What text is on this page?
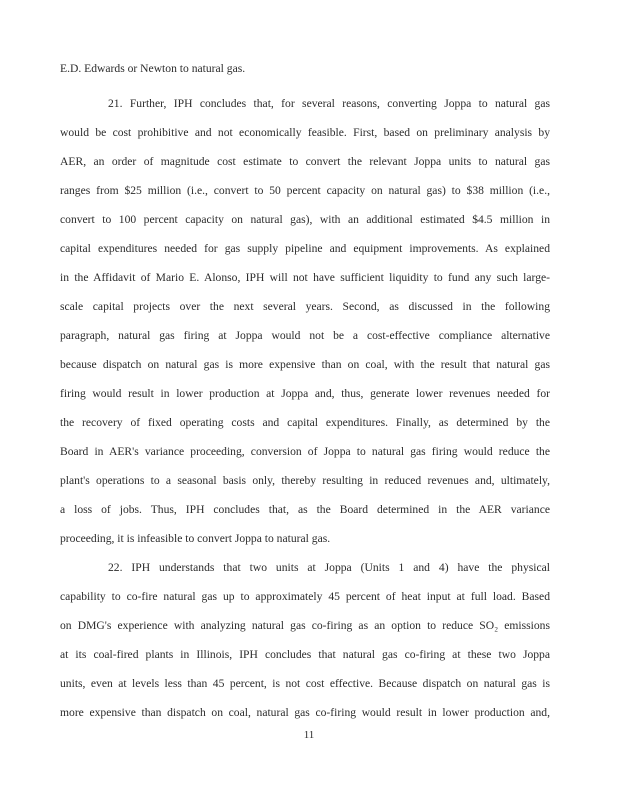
E.D. Edwards or Newton to natural gas.
21. Further, IPH concludes that, for several reasons, converting Joppa to natural gas
would be cost prohibitive and not economically feasible. First, based on preliminary analysis by
AER, an order of magnitude cost estimate to convert the relevant Joppa units to natural gas
ranges from $25 million (i.e., convert to 50 percent capacity on natural gas) to $38 million (i.e.,
convert to 100 percent capacity on natural gas), with an additional estimated $4.5 million in
capital expenditures needed for gas supply pipeline and equipment improvements. As explained
in the Affidavit of Mario E. Alonso, IPH will not have sufficient liquidity to fund any such large-
scale capital projects over the next several years. Second, as discussed in the following
paragraph, natural gas firing at Joppa would not be a cost-effective compliance alternative
because dispatch on natural gas is more expensive than on coal, with the result that natural gas
firing would result in lower production at Joppa and, thus, generate lower revenues needed for
the recovery of fixed operating costs and capital expenditures. Finally, as determined by the
Board in AER's variance proceeding, conversion of Joppa to natural gas firing would reduce the
plant's operations to a seasonal basis only, thereby resulting in reduced revenues and, ultimately,
a loss of jobs. Thus, IPH concludes that, as the Board determined in the AER variance
proceeding, it is infeasible to convert Joppa to natural gas.
22. IPH understands that two units at Joppa (Units 1 and 4) have the physical
capability to co-fire natural gas up to approximately 45 percent of heat input at full load. Based
on DMG's experience with analyzing natural gas co-firing as an option to reduce SO₂ emissions
at its coal-fired plants in Illinois, IPH concludes that natural gas co-firing at these two Joppa
units, even at levels less than 45 percent, is not cost effective. Because dispatch on natural gas is
more expensive than dispatch on coal, natural gas co-firing would result in lower production and,
11
